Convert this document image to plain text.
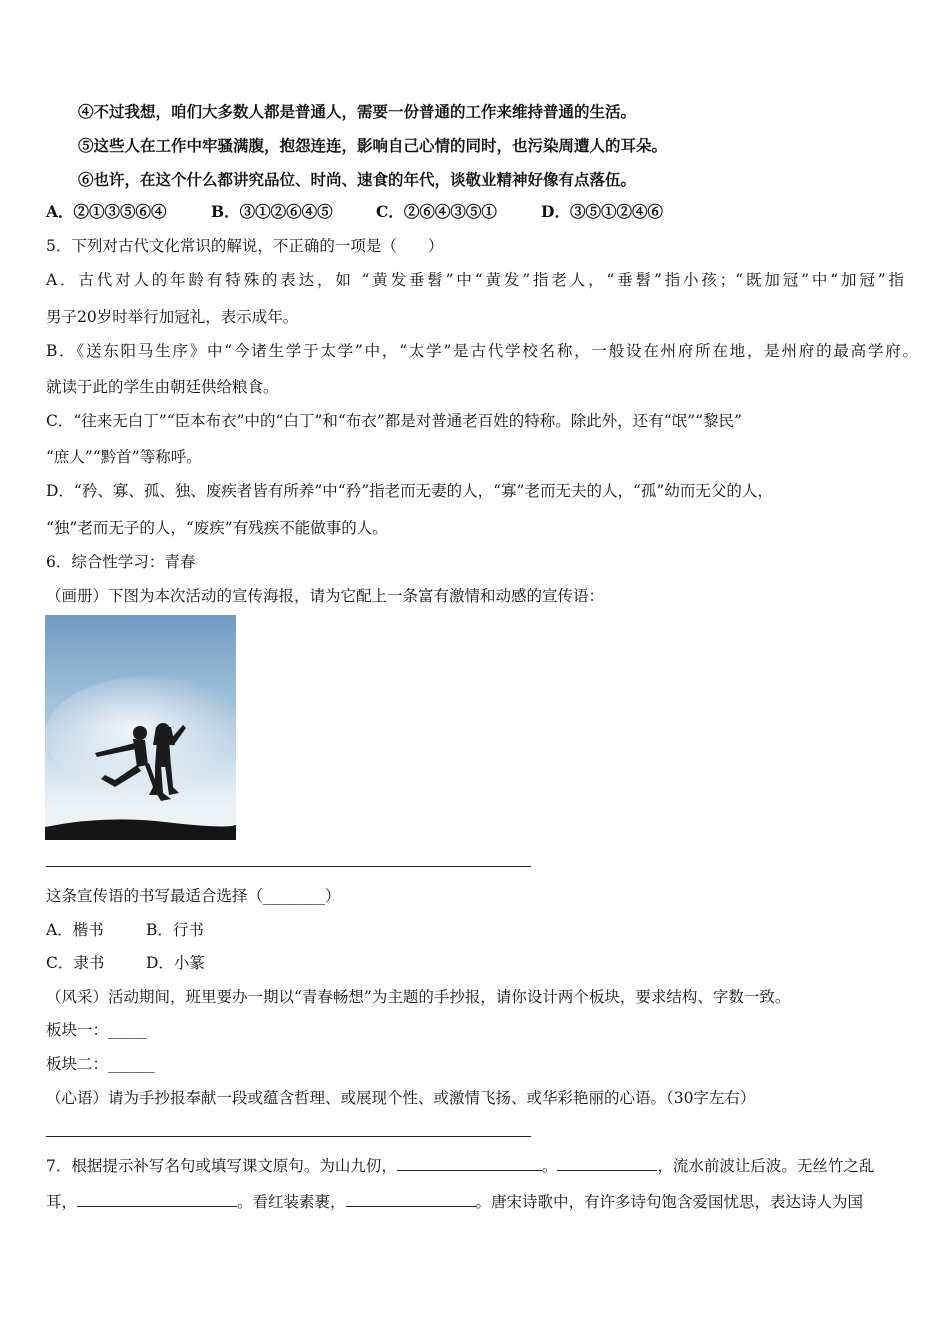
④不过我想，咱们大多数人都是普通人，需要一份普通的工作来维持普通的生活。
⑤这些人在工作中牢骚满腹，抱怨连连，影响自己心情的同时，也污染周遭人的耳朵。
⑥也许，在这个什么都讲究品位、时尚、速食的年代，谈敬业精神好像有点落伍。
A．②①③⑤⑥④	B．③①②⑥④⑤	C．②⑥④③⑤①	D．③⑤①②④⑥
5．下列对古代文化常识的解说，不正确的一项是（　　）
A．古代对人的年龄有特殊的表达，如 “黄发垂髫”中“黄发”指老人，“垂髫”指小孩；“既加冠”中“加冠”指
男子20岁时举行加冠礼，表示成年。
B．《送东阳马生序》中“今诸生学于太学”中，“太学”是古代学校名称，一般设在州府所在地，是州府的最高学府。
就读于此的学生由朝廷供给粮食。
C．“往来无白丁”“臣本布衣”中的“白丁”和“布衣”都是对普通老百姓的特称。除此外，还有“氓”“黎民”
“庶人”“黔首”等称呼。
D．“矜、寡、孤、独、废疾者皆有所养”中“矜”指老而无妻的人，“寡”老而无夫的人，“孤”幼而无父的人，
“独”老而无子的人，“废疾”有残疾不能做事的人。
6．综合性学习：青春
（画册）下图为本次活动的宣传海报，请为它配上一条富有激情和动感的宣传语：
这条宣传语的书写最适合选择（________）
A．楷书	B．行书
C．隶书	D．小篆
（风采）活动期间，班里要办一期以“青春畅想”为主题的手抄报，请你设计两个板块，要求结构、字数一致。
板块一：_____
板块二：______
（心语）请为手抄报奉献一段或蕴含哲理、或展现个性、或激情飞扬、或华彩艳丽的心语。（30字左右）
7．根据提示补写名句或填写课文原句。为山九仞，	。	，流水前波让后波。无丝竹之乱
耳，	。看红装素裹，	。唐宋诗歌中，有许多诗句饱含爱国忧思，表达诗人为国
